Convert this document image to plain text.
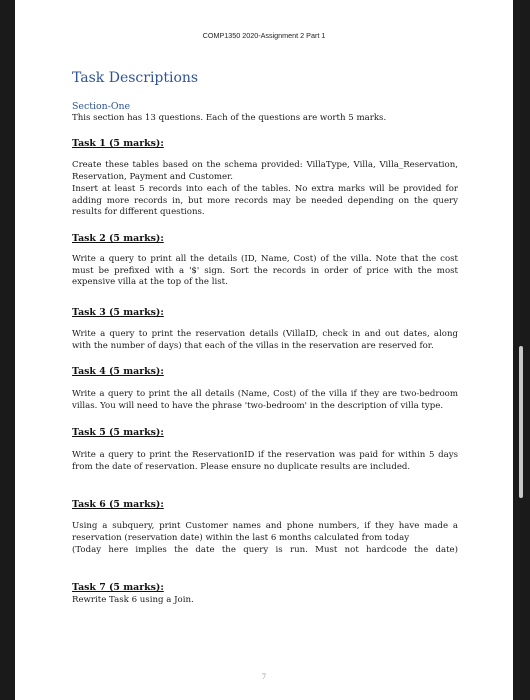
COMP1350 2020-Assignment 2 Part 1
Task Descriptions
Section-One
This section has 13 questions. Each of the questions are worth 5 marks.
Task 1 (5 marks):
Create these tables based on the schema provided: VillaType, Villa, Villa_Reservation, Reservation, Payment and Customer.
Insert at least 5 records into each of the tables. No extra marks will be provided for adding more records in, but more records may be needed depending on the query results for different questions.
Task 2 (5 marks):
Write a query to print all the details (ID, Name, Cost) of the villa. Note that the cost must be prefixed with a '$' sign. Sort the records in order of price with the most expensive villa at the top of the list.
Task 3 (5 marks):
Write a query to print the reservation details (VillaID, check in and out dates, along with the number of days) that each of the villas in the reservation are reserved for.
Task 4 (5 marks):
Write a query to print the all details (Name, Cost) of the villa if they are two-bedroom villas. You will need to have the phrase 'two-bedroom' in the description of villa type.
Task 5 (5 marks):
Write a query to print the ReservationID if the reservation was paid for within 5 days from the date of reservation. Please ensure no duplicate results are included.
Task 6 (5 marks):
Using a subquery, print Customer names and phone numbers, if they have made a reservation (reservation date) within the last 6 months calculated from today
(Today here implies the date the query is run. Must not hardcode the date)
Task 7 (5 marks):
Rewrite Task 6 using a Join.
7
